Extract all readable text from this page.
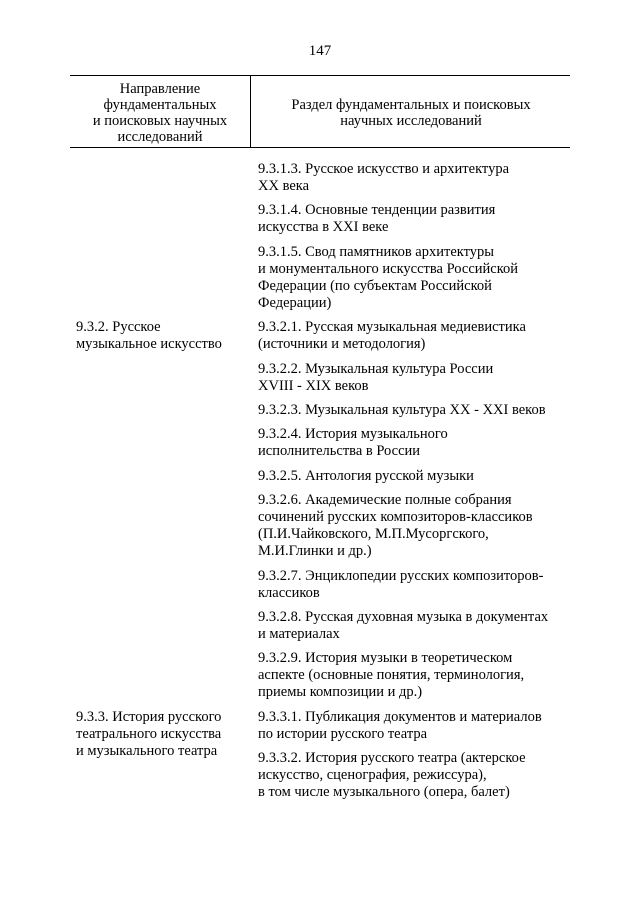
147
Направление
фундаментальных
и поисковых научных
исследований
Раздел фундаментальных и поисковых
научных исследований
9.3.1.3. Русское искусство и архитектура
XX века
9.3.1.4. Основные тенденции развития
искусства в XXI веке
9.3.1.5. Свод памятников архитектуры
и монументального искусства Российской
Федерации (по субъектам Российской
Федерации)
9.3.2. Русское
музыкальное искусство
9.3.2.1. Русская музыкальная медиевистика
(источники и методология)
9.3.2.2. Музыкальная культура России
XVIII - XIX веков
9.3.2.3. Музыкальная культура XX - XXI веков
9.3.2.4. История музыкального
исполнительства в России
9.3.2.5. Антология русской музыки
9.3.2.6. Академические полные собрания
сочинений русских композиторов-классиков
(П.И.Чайковского, М.П.Мусоргского,
М.И.Глинки и др.)
9.3.2.7. Энциклопедии русских композиторов-
классиков
9.3.2.8. Русская духовная музыка в документах
и материалах
9.3.2.9. История музыки в теоретическом
аспекте (основные понятия, терминология,
приемы композиции и др.)
9.3.3. История русского
театрального искусства
и музыкального театра
9.3.3.1. Публикация документов и материалов
по истории русского театра
9.3.3.2. История русского театра (актерское
искусство, сценография, режиссура),
в том числе музыкального (опера, балет)
